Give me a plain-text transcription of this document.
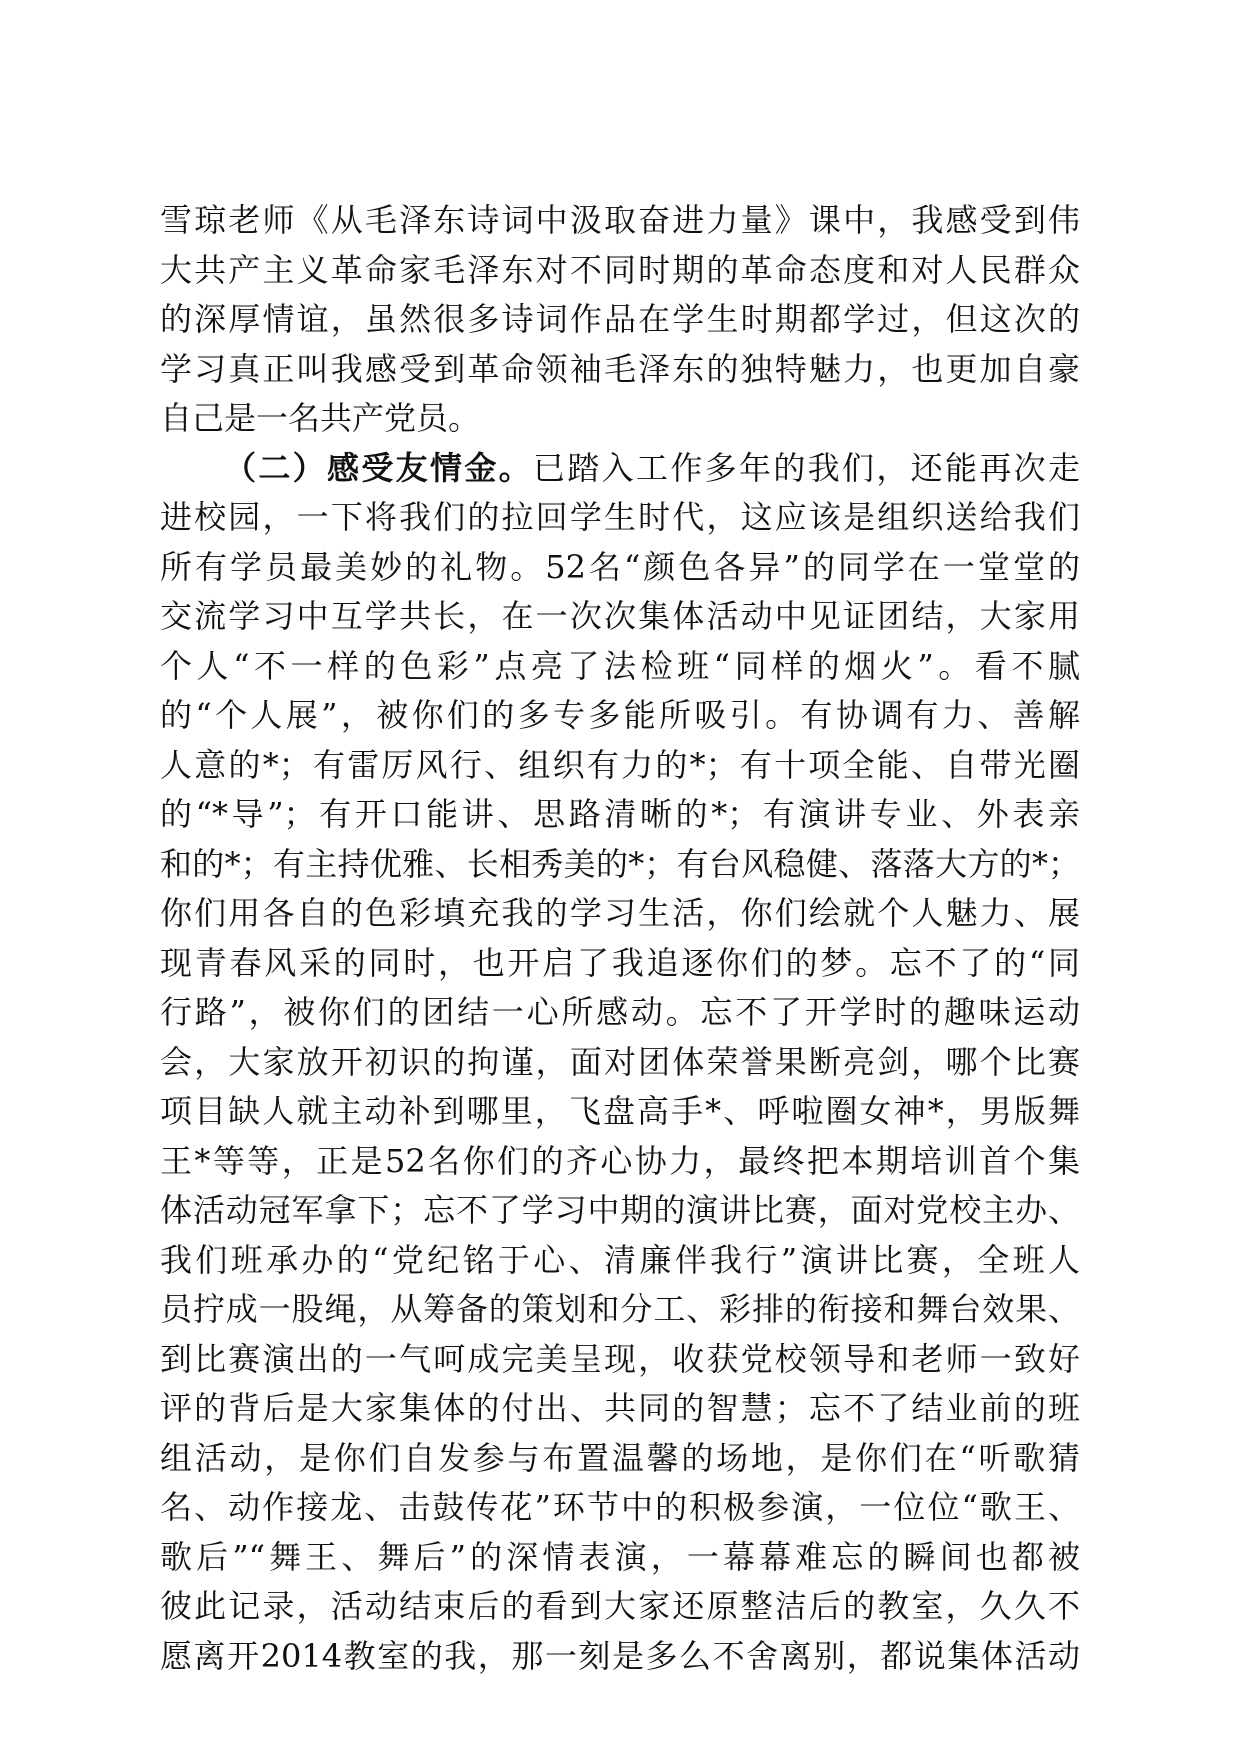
雪琼老师《从毛泽东诗词中汲取奋进力量》课中，我感受到伟
大共产主义革命家毛泽东对不同时期的革命态度和对人民群众
的深厚情谊，虽然很多诗词作品在学生时期都学过，但这次的
学习真正叫我感受到革命领袖毛泽东的独特魅力，也更加自豪
自己是一名共产党员。
（二）感受友情金。已踏入工作多年的我们，还能再次走
进校园，一下将我们的拉回学生时代，这应该是组织送给我们
所有学员最美妙的礼物。52名“颜色各异”的同学在一堂堂的
交流学习中互学共长，在一次次集体活动中见证团结，大家用
个人“不一样的色彩”点亮了法检班“同样的烟火”。看不腻
的“个人展”，被你们的多专多能所吸引。有协调有力、善解
人意的*；有雷厉风行、组织有力的*；有十项全能、自带光圈
的“*导”；有开口能讲、思路清晰的*；有演讲专业、外表亲
和的*；有主持优雅、长相秀美的*；有台风稳健、落落大方的*；
你们用各自的色彩填充我的学习生活，你们绘就个人魅力、展
现青春风采的同时，也开启了我追逐你们的梦。忘不了的“同
行路”，被你们的团结一心所感动。忘不了开学时的趣味运动
会，大家放开初识的拘谨，面对团体荣誉果断亮剑，哪个比赛
项目缺人就主动补到哪里，飞盘高手*、呼啦圈女神*，男版舞
王*等等，正是52名你们的齐心协力，最终把本期培训首个集
体活动冠军拿下；忘不了学习中期的演讲比赛，面对党校主办、
我们班承办的“党纪铭于心、清廉伴我行”演讲比赛，全班人
员拧成一股绳，从筹备的策划和分工、彩排的衔接和舞台效果、
到比赛演出的一气呵成完美呈现，收获党校领导和老师一致好
评的背后是大家集体的付出、共同的智慧；忘不了结业前的班
组活动，是你们自发参与布置温馨的场地，是你们在“听歌猜
名、动作接龙、击鼓传花”环节中的积极参演，一位位“歌王、
歌后”“舞王、舞后”的深情表演，一幕幕难忘的瞬间也都被
彼此记录，活动结束后的看到大家还原整洁后的教室，久久不
愿离开2014教室的我，那一刻是多么不舍离别，都说集体活动
